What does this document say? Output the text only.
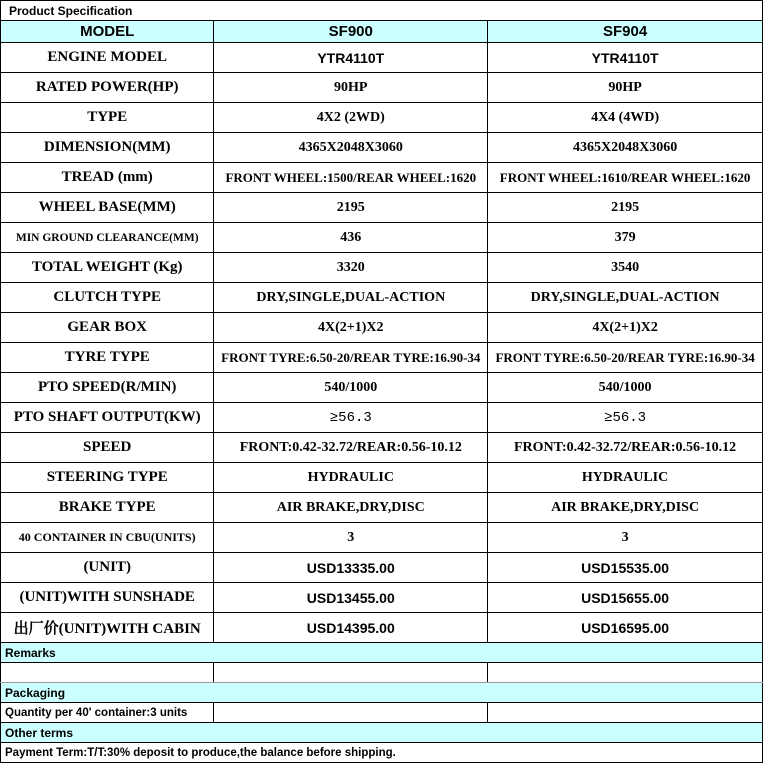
Product Specification		
MODEL	SF900	SF904
ENGINE MODEL	YTR4110T	YTR4110T
RATED POWER(HP)	90HP	90HP
TYPE	4X2 (2WD)	4X4 (4WD)
DIMENSION(MM)	4365X2048X3060	4365X2048X3060
TREAD (mm)	FRONT WHEEL:1500/REAR WHEEL:1620	FRONT WHEEL:1610/REAR WHEEL:1620
WHEEL BASE(MM)	2195	2195
MIN GROUND CLEARANCE(MM)	436	379
TOTAL WEIGHT (Kg)	3320	3540
CLUTCH TYPE	DRY,SINGLE,DUAL-ACTION	DRY,SINGLE,DUAL-ACTION
GEAR BOX	4X(2+1)X2	4X(2+1)X2
TYRE TYPE	FRONT TYRE:6.50-20/REAR TYRE:16.90-34	FRONT TYRE:6.50-20/REAR TYRE:16.90-34
PTO SPEED(R/MIN)	540/1000	540/1000
PTO SHAFT OUTPUT(KW)	≥56.3	≥56.3
SPEED	FRONT:0.42-32.72/REAR:0.56-10.12	FRONT:0.42-32.72/REAR:0.56-10.12
STEERING TYPE	HYDRAULIC	HYDRAULIC
BRAKE TYPE	AIR BRAKE,DRY,DISC	AIR BRAKE,DRY,DISC
40 CONTAINER IN CBU(UNITS)	3	3
(UNIT)	USD13335.00	USD15535.00
(UNIT)WITH SUNSHADE	USD13455.00	USD15655.00
出厂价(UNIT)WITH CABIN	USD14395.00	USD16595.00
Remarks		

Packaging		
Quantity per 40' container:3 units		
Other terms		
Payment Term:T/T:30% deposit to produce,the balance before shipping.		
